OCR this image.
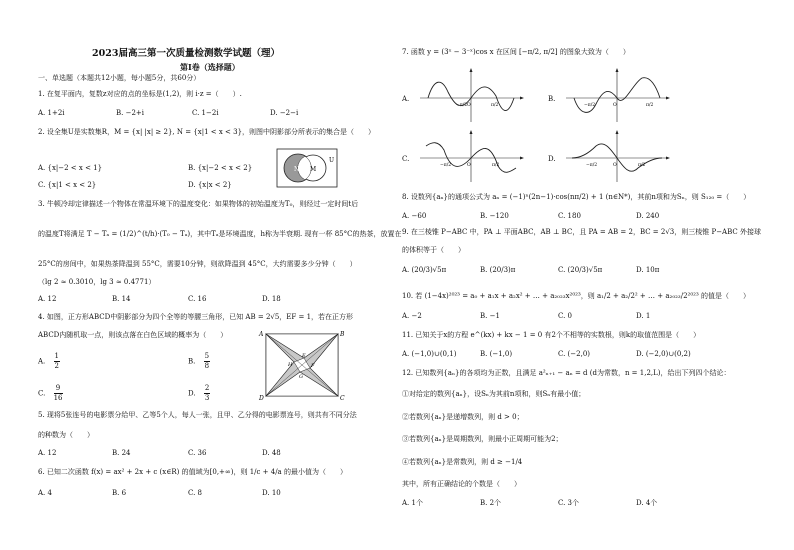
2023届高三第一次质量检测数学试题（理）
第Ⅰ卷（选择题）
一、单选题（本题共12小题，每小题5分，共60分）
1. 在复平面内，复数z对应的点的坐标是(1,2)，则 i·z =（　　）.
A. 1+2i	B. −2+i	C. 1−2i	D. −2−i
2. 设全集U是实数集R，M = {x| |x| ≥ 2}, N = {x|1 < x < 3}，则图中阴影部分所表示的集合是（　　）
A. {x|−2 < x < 1}	B. {x|−2 < x < 2}
C. {x|1 < x < 2}	D. {x|x < 2}
N M
U
3. 牛顿冷却定律描述一个物体在常温环境下的温度变化：如果物体的初始温度为T₀，则经过一定时间t后
的温度T将满足 T − Tₐ = (1/2)^(t/h)·(T₀ − Tₐ)，其中Tₐ是环境温度，h称为半衰期. 现有一杯 85°C的热茶，放置在
25°C的房间中，如果热茶降温到 55°C，需要10分钟，则欲降温到 45°C，大约需要多少分钟（　　）
（lg 2 ≈ 0.3010，lg 3 ≈ 0.4771）
A. 12	B. 14	C. 16	D. 18
4. 如图，正方形ABCD中阴影部分为四个全等的等腰三角形，已知 AB = 2√5，EF = 1，若在正方形
ABCD内随机取一点，则该点落在白色区域的概率为（　　）
A. $\frac{1}{2}$	B. $\frac{5}{8}$
C. $\frac{9}{16}$	D. $\frac{2}{3}$
A	B
C
D
E
F
G
H
5. 现将5张连号的电影票分给甲、乙等5个人，每人一张，且甲、乙分得的电影票连号，则共有不同分法
的种数为（　　）
A. 12	B. 24	C. 36	D. 48
6. 已知二次函数 f(x) = ax² + 2x + c (x∈R) 的值域为[0,+∞)，则 1/c + 4/a 的最小值为（　　）
A. 4	B. 6	C. 8	D. 10
7. 函数 y = (3ˣ − 3⁻ˣ)cos x 在区间 [−π/2, π/2] 的图象大致为（　　）
A.
−π/2	π/2
O
B.
−π/2	π/2
O
C.
−π/2	π/2
O
D.
−π/2	π/2
O
8. 设数列{aₙ}的通项公式为 aₙ = (−1)ⁿ(2n−1)·cos(nπ/2) + 1 (n∈N*)，其前n项和为Sₙ，则 S₁₂₀ =（　　）
A. −60	B. −120	C. 180	D. 240
9. 在三棱锥 P−ABC 中，PA ⊥ 平面ABC，AB ⊥ BC，且 PA = AB = 2，BC = 2√3，则三棱锥 P−ABC 外接球
的体积等于（　　）
A. (20/3)√5π	B. (20/3)π	C. (20/3)√5π	D. 10π
10. 若 (1−4x)²⁰²³ = a₀ + a₁x + a₂x² + … + a₂₀₂₃x²⁰²³，则 a₁/2 + a₂/2² + … + a₂₀₂₃/2²⁰²³ 的值是（　　）
A. −2	B. −1	C. 0	D. 1
11. 已知关于x的方程 e^(kx) + kx − 1 = 0 有2个不相等的实数根，则k的取值范围是（　　）
A. (−1,0)∪(0,1)	B. (−1,0)	C. (−2,0)	D. (−2,0)∪(0,2)
12. 已知数列{aₙ}的各项均为正数，且满足 a²ₙ₊₁ − aₙ = d (d为常数，n = 1,2,L)，给出下列四个结论：
①对给定的数列{aₙ}，设Sₙ为其前n项和，则Sₙ有最小值；
②若数列{aₙ}是递增数列，则 d > 0；
③若数列{aₙ}是周期数列，则最小正周期可能为2；
④若数列{aₙ}是常数列，则 d ≥ −1/4
其中，所有正确结论的个数是（　　）
A. 1个	B. 2个	C. 3个	D. 4个
